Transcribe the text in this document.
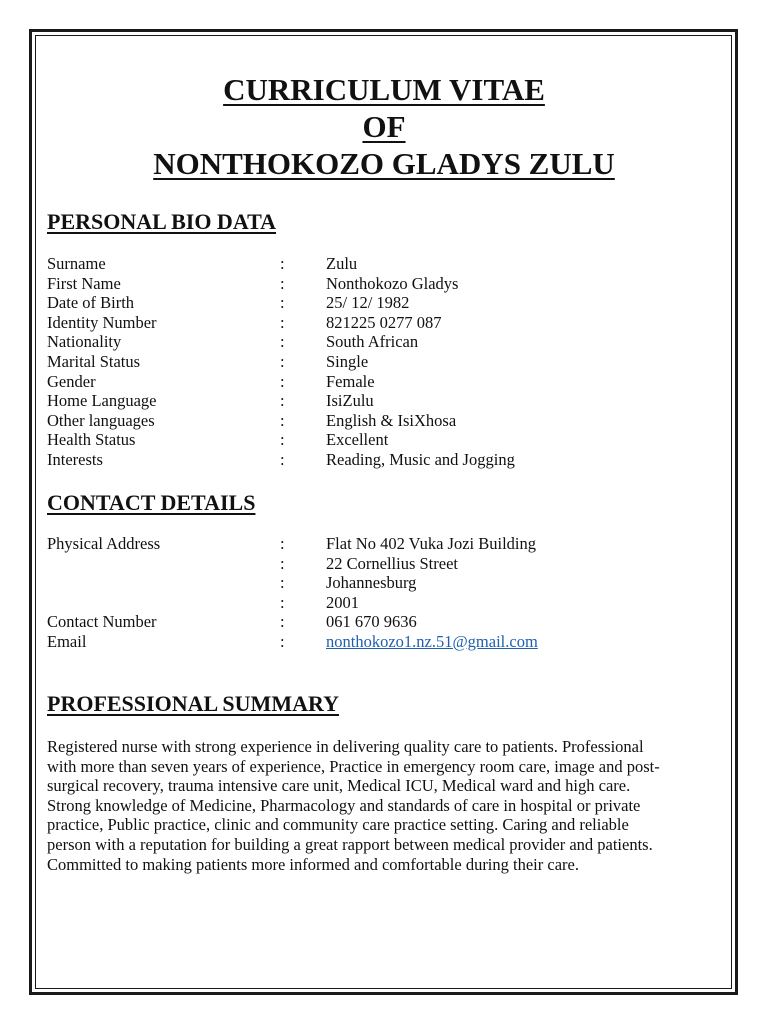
CURRICULUM VITAE
OF
NONTHOKOZO GLADYS ZULU
PERSONAL BIO DATA
Surname	:	Zulu
First Name	:	Nonthokozo Gladys
Date of Birth	:	25/ 12/ 1982
Identity Number	:	821225 0277 087
Nationality	:	South African
Marital Status	:	Single
Gender	:	Female
Home Language	:	IsiZulu
Other languages	:	English & IsiXhosa
Health Status	:	Excellent
Interests	:	Reading, Music and Jogging
CONTACT DETAILS
Physical Address	:	Flat No 402 Vuka Jozi Building
:	22 Cornellius Street
:	Johannesburg
:	2001
Contact Number	:	061 670 9636
Email	:	nonthokozo1.nz.51@gmail.com
PROFESSIONAL SUMMARY
Registered nurse with strong experience in delivering quality care to patients. Professional
with more than seven years of experience, Practice in emergency room care, image and post-
surgical recovery, trauma intensive care unit, Medical ICU, Medical ward and high care.
Strong knowledge of Medicine, Pharmacology and standards of care in hospital or private
practice, Public practice, clinic and community care practice setting. Caring and reliable
person with a reputation for building a great rapport between medical provider and patients.
Committed to making patients more informed and comfortable during their care.
